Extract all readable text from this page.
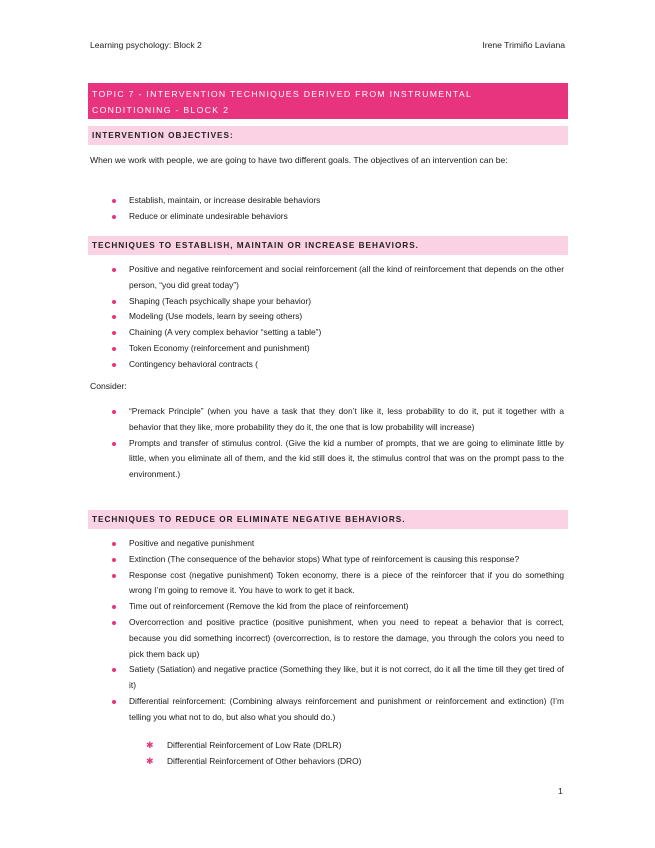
Learning psychology: Block 2	Irene Trimiño Laviana
TOPIC 7 - INTERVENTION TECHNIQUES DERIVED FROM INSTRUMENTAL
CONDITIONING - BLOCK 2
INTERVENTION OBJECTIVES:

When we work with people, we are going to have two different goals. The objectives of an intervention can be:

Establish, maintain, or increase desirable behaviors
Reduce or eliminate undesirable behaviors
TECHNIQUES TO ESTABLISH, MAINTAIN OR INCREASE BEHAVIORS.
Positive and negative reinforcement and social reinforcement (all the kind of reinforcement that depends on the other person, “you did great today”)
Shaping (Teach psychically shape your behavior)
Modeling (Use models, learn by seeing others)
Chaining (A very complex behavior “setting a table”)
Token Economy (reinforcement and punishment)
Contingency behavioral contracts (

Consider:

“Premack Principle” (when you have a task that they don’t like it, less probability to do it, put it together with a behavior that they like, more probability they do it, the one that is low probability will increase)
Prompts and transfer of stimulus control. (Give the kid a number of prompts, that we are going to eliminate little by little, when you eliminate all of them, and the kid still does it, the stimulus control that was on the prompt pass to the environment.)
TECHNIQUES TO REDUCE OR ELIMINATE NEGATIVE BEHAVIORS.
Positive and negative punishment
Extinction (The consequence of the behavior stops) What type of reinforcement is causing this response?
Response cost (negative punishment) Token economy, there is a piece of the reinforcer that if you do something wrong I’m going to remove it. You have to work to get it back.
Time out of reinforcement (Remove the kid from the place of reinforcement)
Overcorrection and positive practice (positive punishment, when you need to repeat a behavior that is correct, because you did something incorrect) (overcorrection, is to restore the damage, you through the colors you need to pick them back up)
Satiety (Satiation) and negative practice (Something they like, but it is not correct, do it all the time till they get tired of it)
Differential reinforcement: (Combining always reinforcement and punishment or reinforcement and extinction) (I’m telling you what not to do, but also what you should do.)
✱ Differential Reinforcement of Low Rate (DRLR)
✱ Differential Reinforcement of Other behaviors (DRO)
1
